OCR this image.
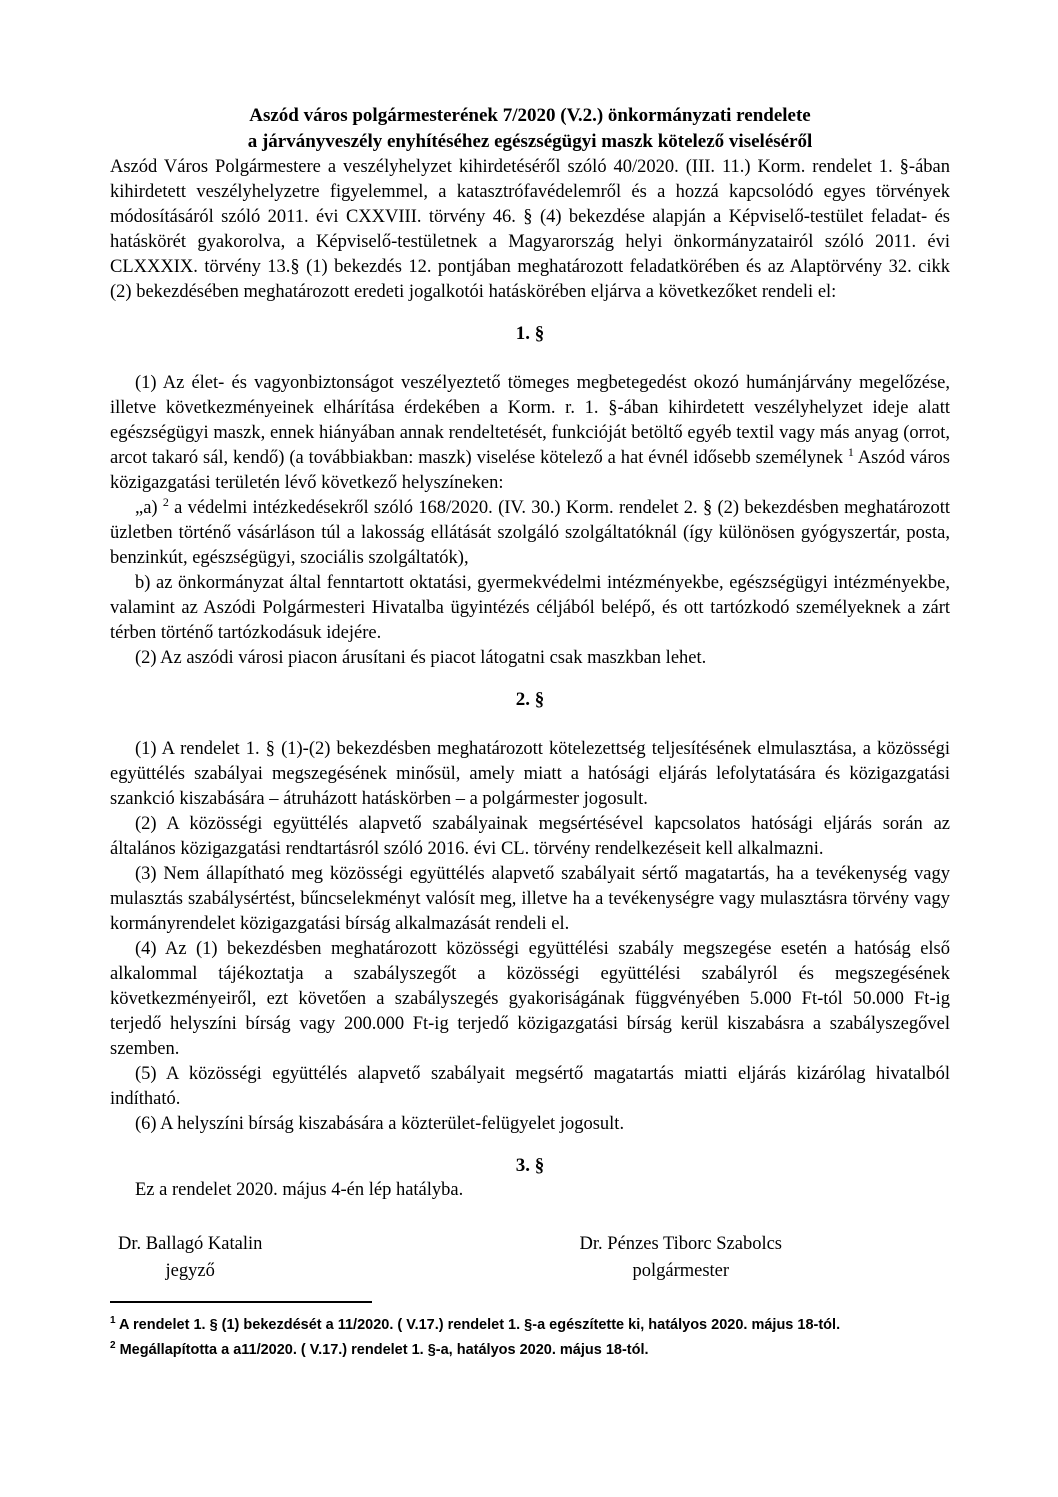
Aszód város polgármesterének 7/2020 (V.2.) önkormányzati rendelete
a járványveszély enyhítéséhez egészségügyi maszk kötelező viseléséről

Aszód Város Polgármestere a veszélyhelyzet kihirdetéséről szóló 40/2020. (III. 11.) Korm. rendelet 1. §-ában kihirdetett veszélyhelyzetre figyelemmel, a katasztrófavédelemről és a hozzá kapcsolódó egyes törvények módosításáról szóló 2011. évi CXXVIII. törvény 46. § (4) bekezdése alapján a Képviselő-testület feladat- és hatáskörét gyakorolva, a Képviselő-testületnek a Magyarország helyi önkormányzatairól szóló 2011. évi CLXXXIX. törvény 13.§ (1) bekezdés 12. pontjában meghatározott feladatkörében és az Alaptörvény 32. cikk (2) bekezdésében meghatározott eredeti jogalkotói hatáskörében eljárva a következőket rendeli el:

1. §

(1) Az élet- és vagyonbiztonságot veszélyeztető tömeges megbetegedést okozó humánjárvány megelőzése, illetve következményeinek elhárítása érdekében a Korm. r. 1. §-ában kihirdetett veszélyhelyzet ideje alatt egészségügyi maszk, ennek hiányában annak rendeltetését, funkcióját betöltő egyéb textil vagy más anyag (orrot, arcot takaró sál, kendő) (a továbbiakban: maszk) viselése kötelező a hat évnél idősebb személynek $^1$ Aszód város közigazgatási területén lévő következő helyszíneken:

„a) $^2$ a védelmi intézkedésekről szóló 168/2020. (IV. 30.) Korm. rendelet 2. § (2) bekezdésben meghatározott üzletben történő vásárláson túl a lakosság ellátását szolgáló szolgáltatóknál (így különösen gyógyszertár, posta, benzinkút, egészségügyi, szociális szolgáltatók),

b) az önkormányzat által fenntartott oktatási, gyermekvédelmi intézményekbe, egészségügyi intézményekbe, valamint az Aszódi Polgármesteri Hivatalba ügyintézés céljából belépő, és ott tartózkodó személyeknek a zárt térben történő tartózkodásuk idejére.

(2) Az aszódi városi piacon árusítani és piacot látogatni csak maszkban lehet.

2. §

(1) A rendelet 1. § (1)-(2) bekezdésben meghatározott kötelezettség teljesítésének elmulasztása, a közösségi együttélés szabályai megszegésének minősül, amely miatt a hatósági eljárás lefolytatására és közigazgatási szankció kiszabására – átruházott hatáskörben – a polgármester jogosult.

(2) A közösségi együttélés alapvető szabályainak megsértésével kapcsolatos hatósági eljárás során az általános közigazgatási rendtartásról szóló 2016. évi CL. törvény rendelkezéseit kell alkalmazni.

(3) Nem állapítható meg közösségi együttélés alapvető szabályait sértő magatartás, ha a tevékenység vagy mulasztás szabálysértést, bűncselekményt valósít meg, illetve ha a tevékenységre vagy mulasztásra törvény vagy kormányrendelet közigazgatási bírság alkalmazását rendeli el.

(4) Az (1) bekezdésben meghatározott közösségi együttélési szabály megszegése esetén a hatóság első alkalommal tájékoztatja a szabályszegőt a közösségi együttélési szabályról és megszegésének következményeiről, ezt követően a szabályszegés gyakoriságának függvényében 5.000 Ft-tól 50.000 Ft-ig terjedő helyszíni bírság vagy 200.000 Ft-ig terjedő közigazgatási bírság kerül kiszabásra a szabályszegővel szemben.

(5) A közösségi együttélés alapvető szabályait megsértő magatartás miatti eljárás kizárólag hivatalból indítható.

(6) A helyszíni bírság kiszabására a közterület-felügyelet jogosult.

3. §

Ez a rendelet 2020. május 4-én lép hatályba.

Dr. Ballagó Katalin
jegyző
Dr. Pénzes Tiborc Szabolcs
polgármester

$^1$ A rendelet 1. § (1) bekezdését a 11/2020. ( V.17.) rendelet 1. §-a egészítette ki, hatályos 2020. május 18-tól.

$^2$ Megállapította a a11/2020. ( V.17.) rendelet 1. §-a, hatályos 2020. május 18-tól.
